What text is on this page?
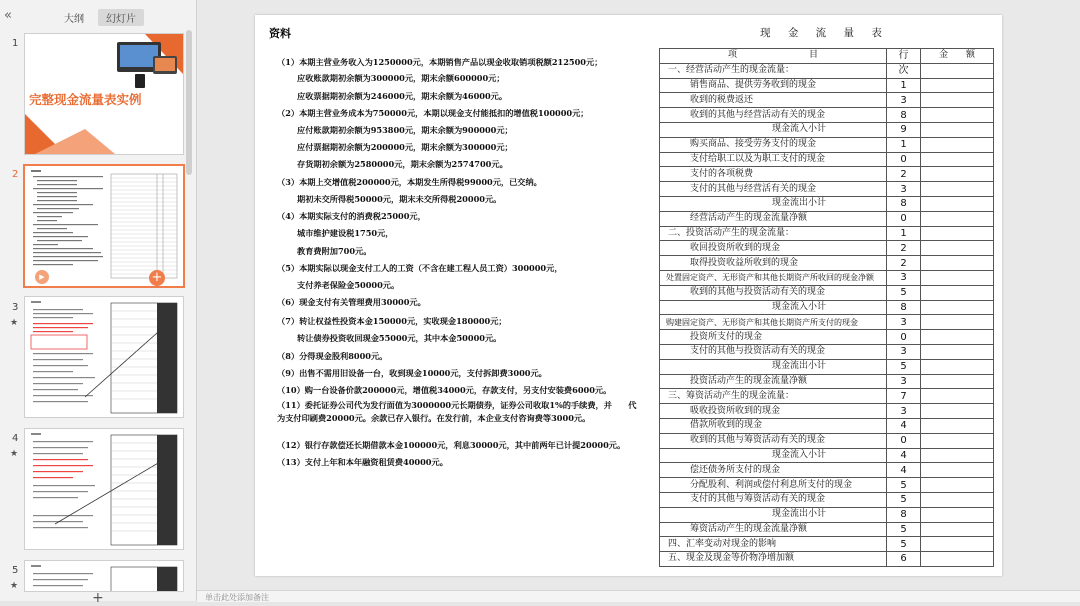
«	大纲	幻灯片
1
完整现金流量表实例
2
▶	+
3
★
4
★
5
★
+
资料
（1）本期主营业务收入为1250000元，本期销售产品以现金收取销项税额212500元；
应收账款期初余额为300000元，期末余额600000元；
应收票据期初余额为246000元，期末余额为46000元。
（2）本期主营业务成本为750000元，本期以现金支付能抵扣的增值税100000元；
应付账款期初余额为953800元，期末余额为900000元；
应付票据期初余额为200000元，期末余额为300000元；
存货期初余额为2580000元，期末余额为2574700元。
（3）本期上交增值税200000元，本期发生所得税99000元，已交纳。
期初未交所得税50000元，期末未交所得税20000元。
（4）本期实际支付的消费税25000元，
城市维护建设税1750元，
教育费附加700元。
（5）本期实际以现金支付工人的工资（不含在建工程人员工资）300000元，
支付养老保险金50000元。
（6）现金支付有关管理费用30000元。
（7）转让权益性投资本金150000元，实收现金180000元；
转让债券投资收回现金55000元，其中本金50000元。
（8）分得现金股利8000元。
（9）出售不需用旧设备一台，收到现金10000元，支付拆卸费3000元。
（10）购一台设备价款200000元，增值税34000元，存款支付，另支付安装费6000元。
（11）委托证券公司代为发行面值为3000000元长期债券，证券公司收取1%的手续费，并　　代为支付印刷费20000元。余款已存入银行。在发行前，本企业支付咨询费等3000元。
（12）银行存款偿还长期借款本金100000元，利息30000元，其中前两年已计提20000元。
（13）支付上年和本年融资租赁费40000元。
现 金 流 量 表
项　　　　　　　　目	行	金　　额
一、经营活动产生的现金流量：	次	
销售商品、提供劳务收到的现金	1	
收到的税费返还	3	
收到的其他与经营活动有关的现金	8	
现金流入小计	9	
购买商品、接受劳务支付的现金	1	
支付给职工以及为职工支付的现金	0	
支付的各项税费	2	
支付的其他与经营活有关的现金	3	
现金流出小计	8	
经营活动产生的现金流量净额	0	
二、投资活动产生的现金流量：	1	
收回投资所收到的现金	2	
取得投资收益所收到的现金	2	
处置固定资产、无形资产和其他长期资产所收回的现金净额	3	
收到的其他与投资活动有关的现金	5	
现金流入小计	8	
购建固定资产、无形资产和其他长期资产所支付的现金	3	
投资所支付的现金	0	
支付的其他与投资活动有关的现金	3	
现金流出小计	5	
投资活动产生的现金流量净额	3	
三、筹资活动产生的现金流量：	7	
吸收投资所收到的现金	3	
借款所收到的现金	4	
收到的其他与筹资活动有关的现金	0	
现金流入小计	4	
偿还债务所支付的现金	4	
分配股利、利润或偿付利息所支付的现金	5	
支付的其他与筹资活动有关的现金	5	
现金流出小计	8	
筹资活动产生的现金流量净额	5	
四、汇率变动对现金的影响	5	
五、现金及现金等价物净增加额	6	
单击此处添加备注
